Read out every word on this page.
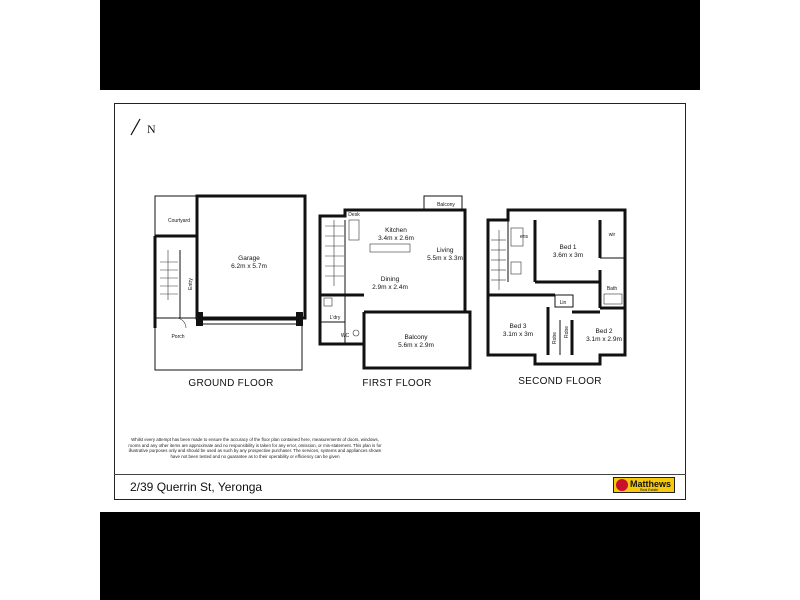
N
Courtyard
Garage
6.2m x 5.7m
Entry
Porch
GROUND FLOOR
Desk
Balcony
Kitchen
3.4m x 2.6m
Living
5.5m x 3.3m
Dining
2.9m x 2.4m
L'dry
WC	Balcony
5.6m x 2.9m
FIRST FLOOR
ens
Bed 1
3.6m x 3m
wir
Bath
Lin
Bed 3
3.1m x 3m	Robe
Robe	Bed 2
3.1m x 2.9m
SECOND FLOOR
Whilst every attempt has been made to ensure the accuracy of the floor plan contained here, measurements of doors, windows, rooms and any other items are approximate and no responsibility is taken for any error, omission, or mis-statement. This plan is for illustrative purposes only and should be used as such by any prospective purchaser. The services, systems and appliances shown have not been tested and no guarantee as to their operability or efficiency can be given
2/39 Querrin St, Yeronga	Matthews
Real Estate
